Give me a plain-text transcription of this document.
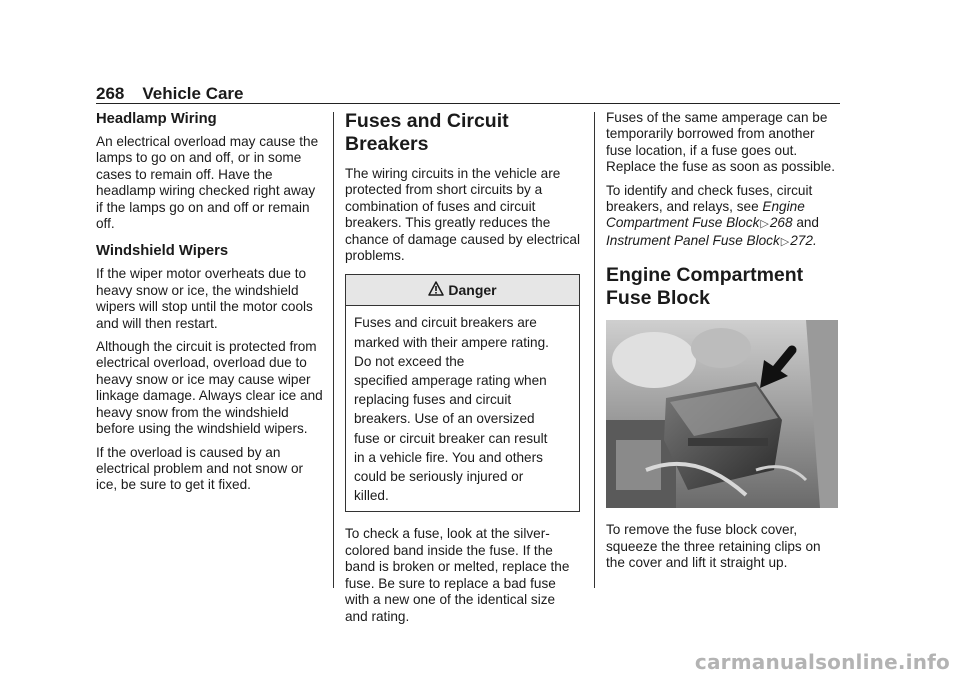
268 Vehicle Care
Headlamp Wiring

An electrical overload may cause the lamps to go on and off, or in some cases to remain off. Have the headlamp wiring checked right away if the lamps go on and off or remain off.

Windshield Wipers

If the wiper motor overheats due to heavy snow or ice, the windshield wipers will stop until the motor cools and will then restart.

Although the circuit is protected from electrical overload, overload due to heavy snow or ice may cause wiper linkage damage. Always clear ice and heavy snow from the windshield before using the windshield wipers.

If the overload is caused by an electrical problem and not snow or ice, be sure to get it fixed.

Fuses and Circuit Breakers

The wiring circuits in the vehicle are protected from short circuits by a combination of fuses and circuit breakers. This greatly reduces the chance of damage caused by electrical problems.

Danger

Fuses and circuit breakers are

marked with their ampere rating.

Do not exceed the

specified amperage rating when

replacing fuses and circuit

breakers. Use of an oversized

fuse or circuit breaker can result

in a vehicle fire. You and others

could be seriously injured or

killed.

To check a fuse, look at the silver-colored band inside the fuse. If the band is broken or melted, replace the fuse. Be sure to replace a bad fuse with a new one of the identical size and rating.

Fuses of the same amperage can be temporarily borrowed from another fuse location, if a fuse goes out. Replace the fuse as soon as possible.

To identify and check fuses, circuit breakers, and relays, see Engine Compartment Fuse Block▷268 and Instrument Panel Fuse Block▷272.

Engine Compartment Fuse Block

To remove the fuse block cover, squeeze the three retaining clips on the cover and lift it straight up.

carmanualsonline.info
